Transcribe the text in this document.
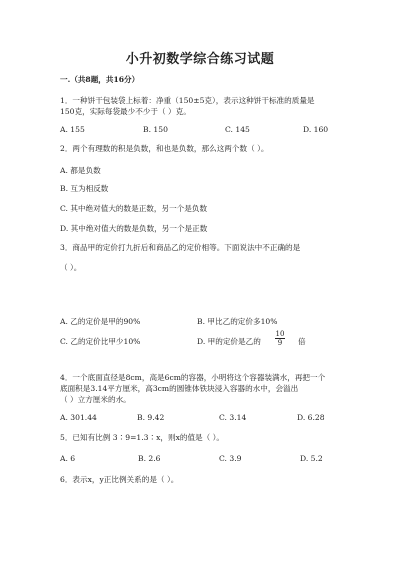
小升初数学综合练习试题
一.（共8题，共16分）
1．一种饼干包装袋上标着：净重（150±5克），表示这种饼干标准的质量是
150克，实际每袋最少不少于（ ）克。
A. 155	B. 150	C. 145	D. 160
2．两个有理数的积是负数，和也是负数，那么这两个数（ ）。
A. 都是负数
B. 互为相反数
C. 其中绝对值大的数是正数，另一个是负数
D. 其中绝对值大的数是负数，另一个是正数
3．商品甲的定价打九折后和商品乙的定价相等。下面说法中不正确的是
（ ）。
A. 乙的定价是甲的90%	B. 甲比乙的定价多10%
C. 乙的定价比甲少10%	D. 甲的定价是乙的 $\frac{10}{9}$ 倍
4．一个底面直径是8cm，高是6cm的容器，小明将这个容器装满水，再把一个
底面积是3.14平方厘米，高3cm的圆锥体铁块浸入容器的水中，会溢出
（ ）立方厘米的水。
A. 301.44	B. 9.42	C. 3.14	D. 6.28
5．已知有比例 3∶9=1.3∶x，则x的值是（ ）。
A. 6	B. 2.6	C. 3.9	D. 5.2
6．表示x，y正比例关系的是（ ）。
